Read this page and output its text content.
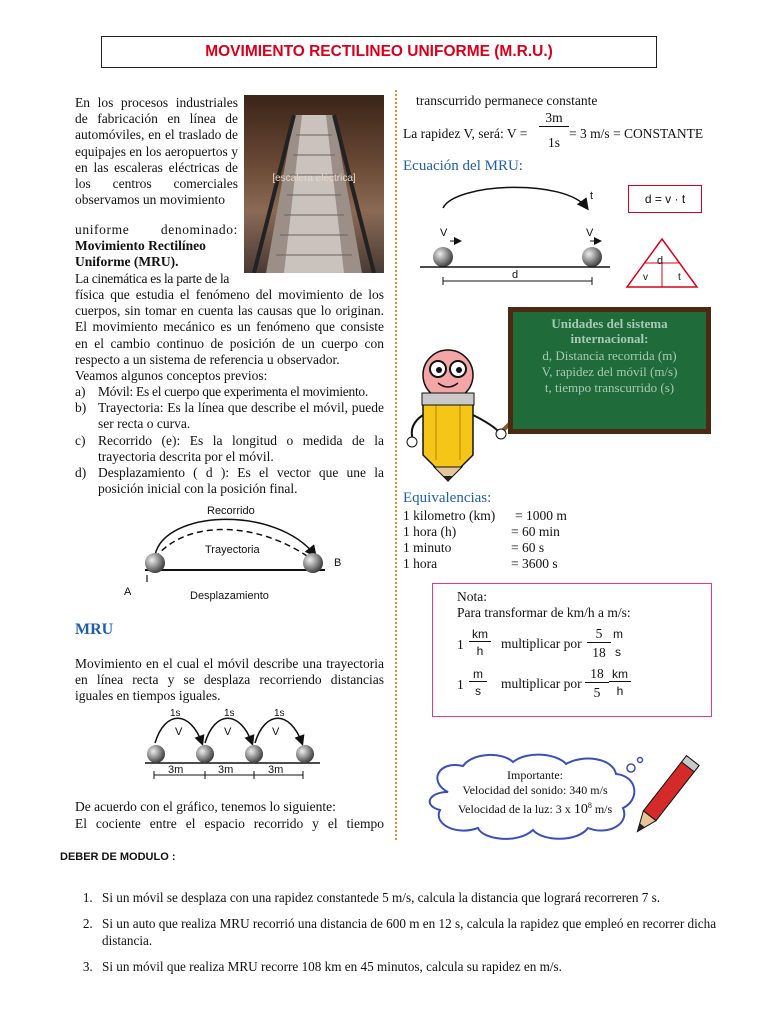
MOVIMIENTO RECTILINEO UNIFORME (M.R.U.)
En los procesos industriales de fabricación en línea de automóviles, en el traslado de equipajes en los aeropuertos y en las escaleras eléctricas de los centros comerciales observamos un movimiento
uniforme denominado:
Movimiento Rectilíneo Uniforme (MRU).
La cinemática es la parte de la
[escalera eléctrica]
física que estudia el fenómeno del movimiento de los cuerpos, sin tomar en cuenta las causas que lo originan. El movimiento mecánico es un fenómeno que consiste en el cambio continuo de posición de un cuerpo con respecto a un sistema de referencia u observador.
Veamos algunos conceptos previos:
a) Móvil: Es el cuerpo que experimenta el movimiento.
b) Trayectoria: Es la línea que describe el móvil, puede ser recta o curva.
c) Recorrido (e): Es la longitud o medida de la trayectoria descrita por el móvil.
d) Desplazamiento ( d ): Es el vector que une la posición inicial con la posición final.
Recorrido
Trayectoria
Desplazamiento
A
B
MRU
Movimiento en el cual el móvil describe una trayectoria en línea recta y se desplaza recorriendo distancias iguales en tiempos iguales.
1s	1s	1s
V	V	V
3m	3m	3m
De acuerdo con el gráfico, tenemos lo siguiente:
El cociente entre el espacio recorrido y el tiempo
transcurrido permanece constante
La rapidez V, será: V =
3m
1s
= 3 m/s = CONSTANTE
Ecuación del MRU:
t
V	V
d
d = v · t
d
v	t
Unidades del sistema
internacional:
d, Distancia recorrida (m)
V, rapidez del móvil (m/s)
t, tiempo transcurrido (s)
Equivalencias:
1 kilometro (km)	= 1000 m
1 hora (h)	= 60 min
1 minuto	= 60 s
1 hora	= 3600 s
Nota:
Para transformar de km/h a m/s:
1
km
h	multiplicar por
5
18
m
s
1
m
s	multiplicar por
18
5
km
h
Importante:
Velocidad del sonido: 340 m/s
Velocidad de la luz: 3 x $10^8$ m/s
DEBER DE MODULO :
1. Si un móvil se desplaza con una rapidez constantede 5 m/s, calcula la distancia que logrará recorreren 7 s.
2. Si un auto que realiza MRU recorrió una distancia de 600 m en 12 s, calcula la rapidez que empleó en recorrer dicha distancia.
3. Si un móvil que realiza MRU recorre 108 km en 45 minutos, calcula su rapidez en m/s.
